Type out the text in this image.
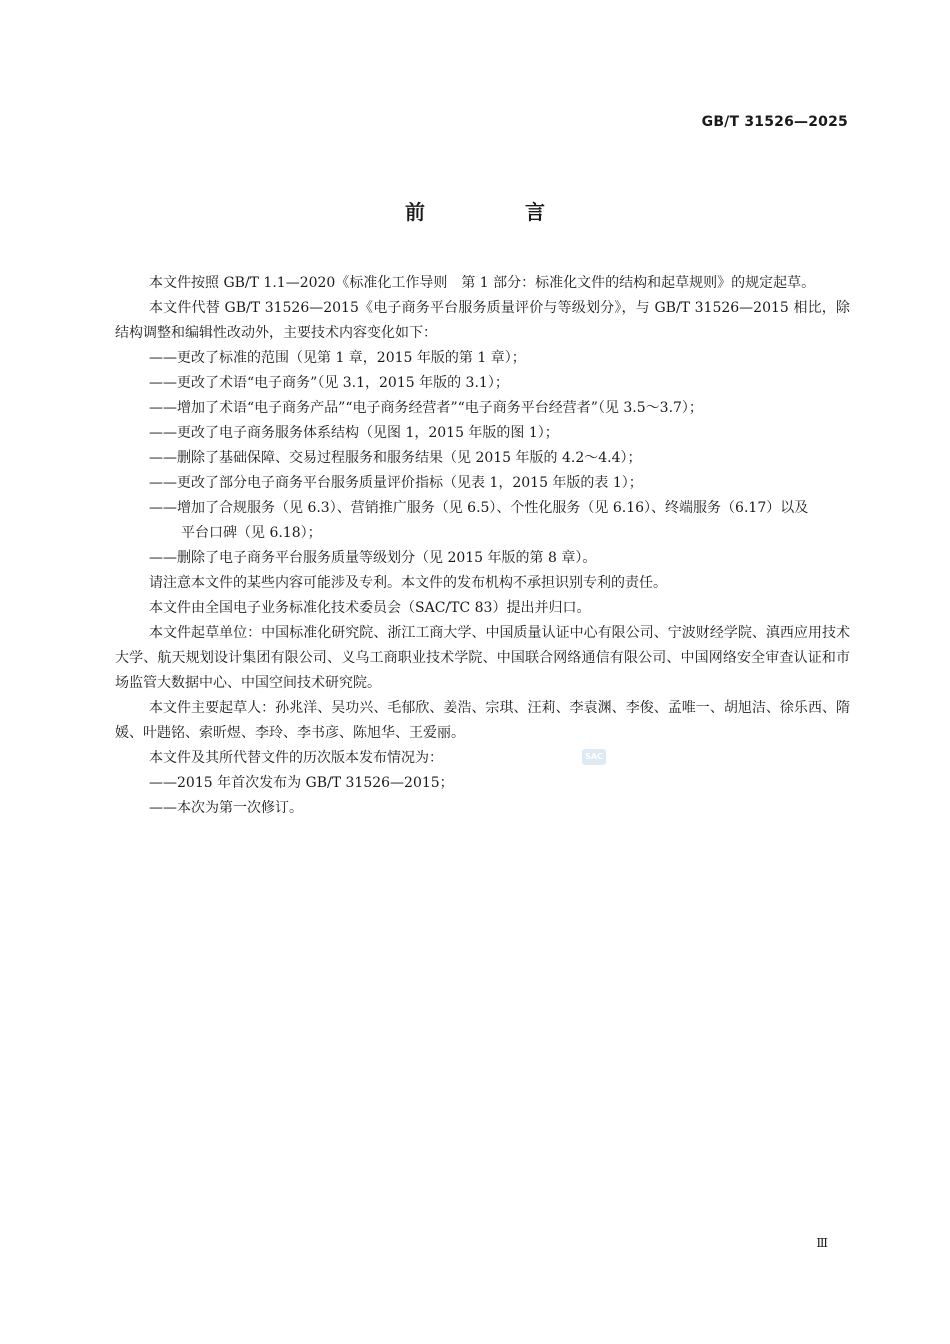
GB/T 31526—2025
前　言

本文件按照 GB/T 1.1—2020《标准化工作导则　第 1 部分：标准化文件的结构和起草规则》的规定起草。

本文件代替 GB/T 31526—2015《电子商务平台服务质量评价与等级划分》，与 GB/T 31526—2015 相比，除结构调整和编辑性改动外，主要技术内容变化如下：

——更改了标准的范围（见第 1 章，2015 年版的第 1 章）；

——更改了术语“电子商务”（见 3.1，2015 年版的 3.1）；

——增加了术语“电子商务产品”“电子商务经营者”“电子商务平台经营者”（见 3.5～3.7）；

——更改了电子商务服务体系结构（见图 1，2015 年版的图 1）；

——删除了基础保障、交易过程服务和服务结果（见 2015 年版的 4.2～4.4）；

——更改了部分电子商务平台服务质量评价指标（见表 1，2015 年版的表 1）；

——增加了合规服务（见 6.3）、营销推广服务（见 6.5）、个性化服务（见 6.16）、终端服务（6.17）以及

平台口碑（见 6.18）；

——删除了电子商务平台服务质量等级划分（见 2015 年版的第 8 章）。

请注意本文件的某些内容可能涉及专利。本文件的发布机构不承担识别专利的责任。

本文件由全国电子业务标准化技术委员会（SAC/TC 83）提出并归口。

本文件起草单位：中国标准化研究院、浙江工商大学、中国质量认证中心有限公司、宁波财经学院、滇西应用技术大学、航天规划设计集团有限公司、义乌工商职业技术学院、中国联合网络通信有限公司、中国网络安全审查认证和市场监管大数据中心、中国空间技术研究院。

本文件主要起草人：孙兆洋、吴功兴、毛郁欣、姜浩、宗琪、汪莉、李袁渊、李俊、孟唯一、胡旭洁、徐乐西、隋媛、叶韪铭、索昕煜、李玲、李书彦、陈旭华、王爱丽。

本文件及其所代替文件的历次版本发布情况为：

——2015 年首次发布为 GB/T 31526—2015；

——本次为第一次修订。

SAC
Ⅲ
